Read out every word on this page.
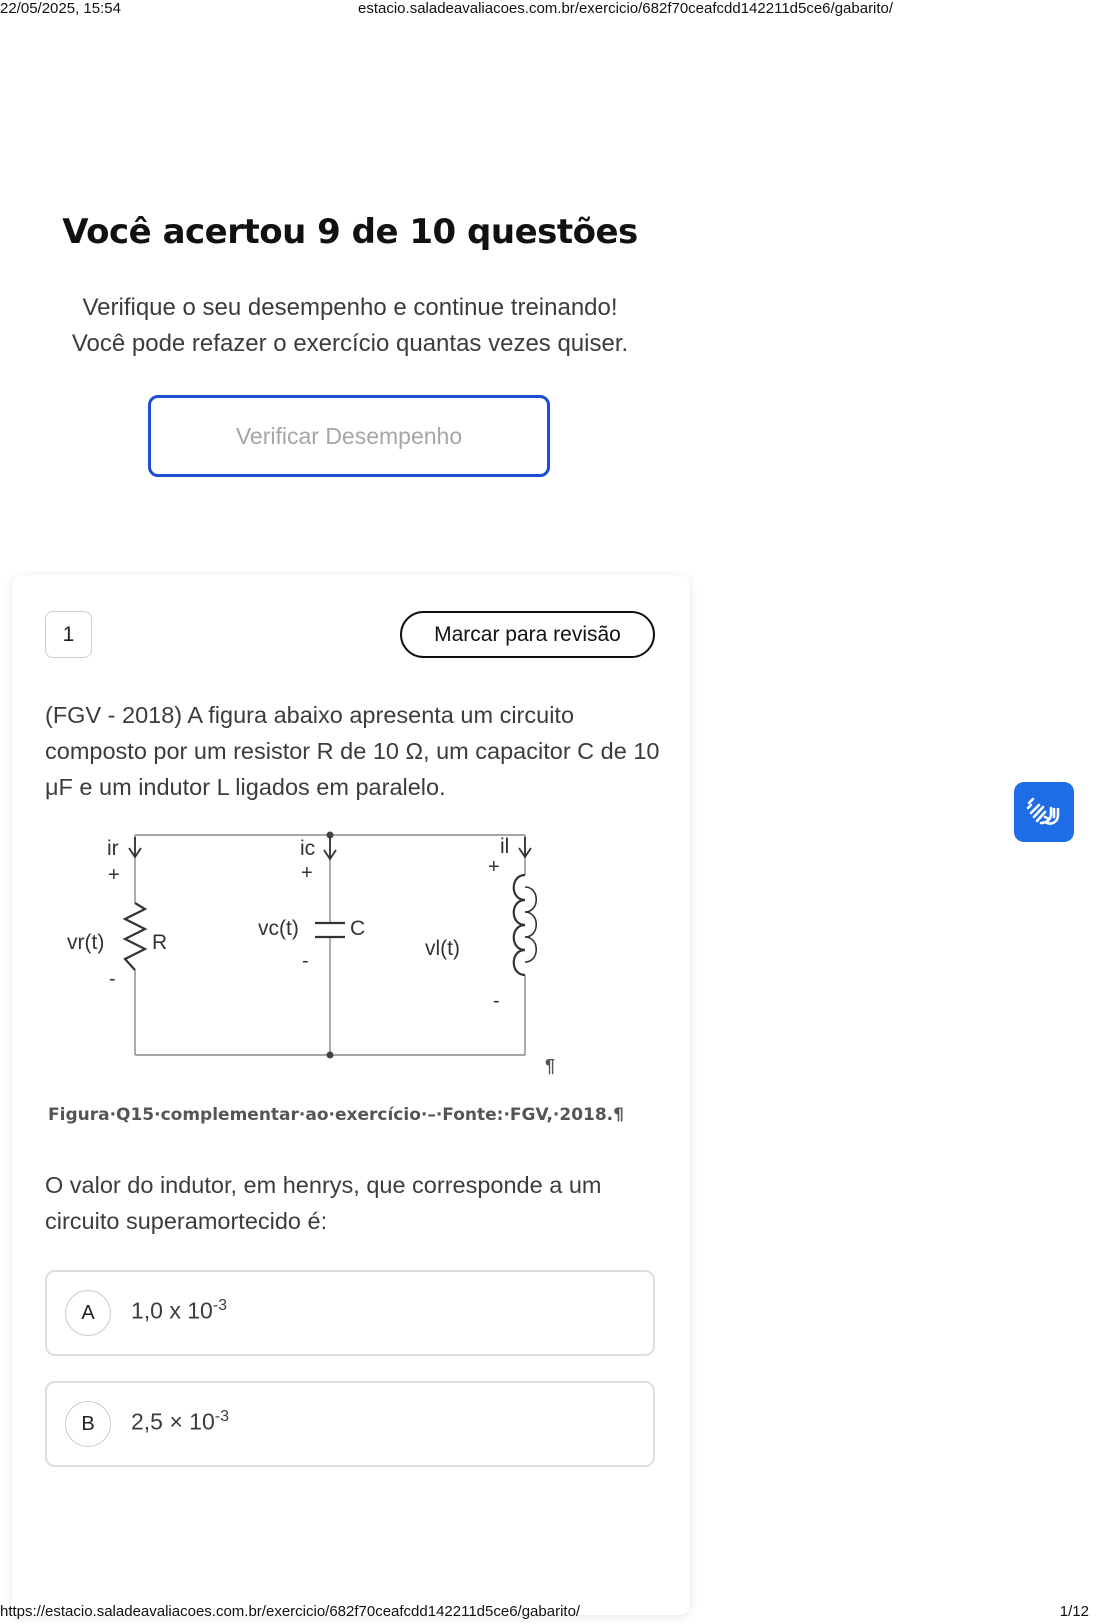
22/05/2025, 15:54	estacio.saladeavaliacoes.com.br/exercicio/682f70ceafcdd142211d5ce6/gabarito/
Você acertou 9 de 10 questões
Verifique o seu desempenho e continue treinando!
Você pode refazer o exercício quantas vezes quiser.
Verificar Desempenho
1	Marcar para revisão
(FGV - 2018) A figura abaixo apresenta um circuito composto por um resistor R de 10 Ω, um capacitor C de 10 μF e um indutor L ligados em paralelo.
ir
+
vr(t) R
-
ic
+
vc(t) C
-
il
+
vl(t)
-
¶
Figura·Q15·complementar·ao·exercício·–·Fonte:·FGV,·2018.¶
O valor do indutor, em henrys, que corresponde a um circuito superamortecido é:
A	1,0 x $10^{-3}$
B	$2,5 \times 10^{-3}$
https://estacio.saladeavaliacoes.com.br/exercicio/682f70ceafcdd142211d5ce6/gabarito/	1/12
